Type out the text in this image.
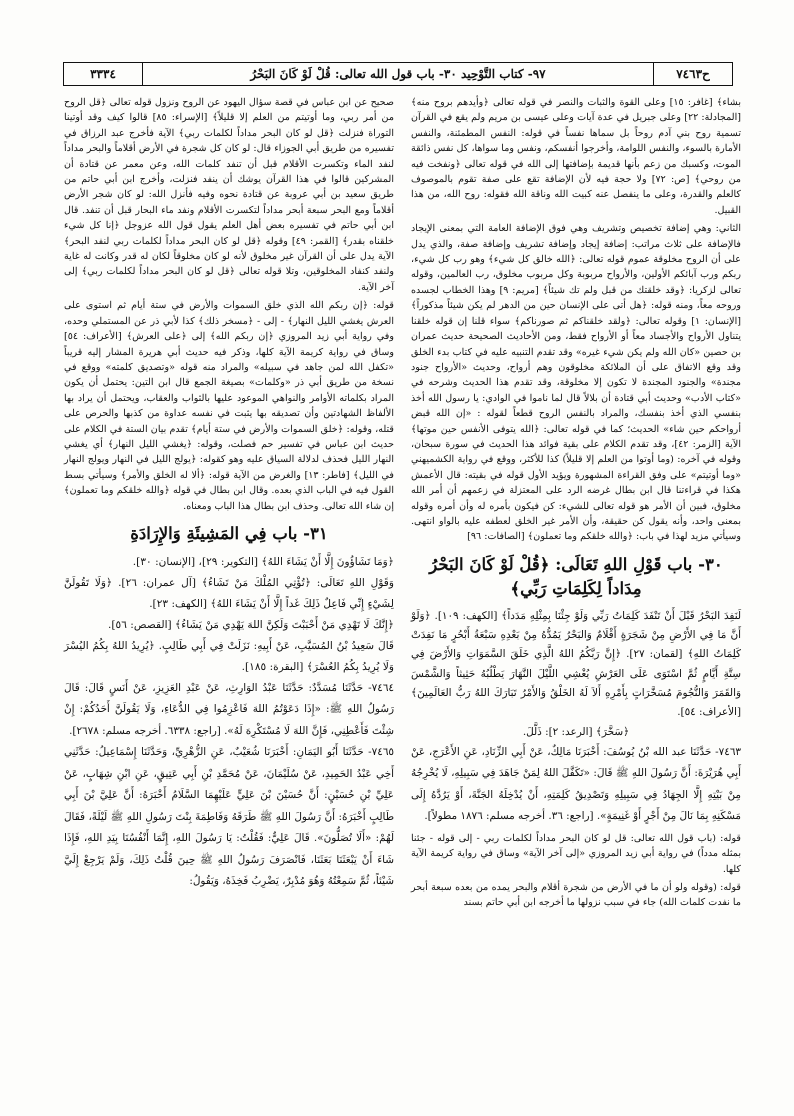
ح٧٤٦٣
٩٧- كتاب التَّوْحِيد ٣٠- باب قول الله تعالى: قُلْ لَوْ كَانَ البَحْرُ
٣٣٣٤

بشاء﴾ [غافر: ١٥] وعلى القوة والثبات والنصر في قوله تعالى ﴿وأيدهم بروح منه﴾ [المجادلة: ٢٢] وعلى جبريل في عدة آيات وعلى عيسى بن مريم ولم يقع في القرآن تسمية روح بني آدم روحاً بل سماها نفساً في قوله: النفس المطمئنة، والنفس الأمارة بالسوء، والنفس اللوامة، وأخرجوا أنفسكم، ونفس وما سواها، كل نفس ذائقة الموت، وكسبك من زعم بأنها قديمة بإضافتها إلى الله في قوله تعالى ﴿ونفخت فيه من روحي﴾ [ص: ٧٢] ولا حجة فيه لأن الإضافة تقع على صفة تقوم بالموصوف كالعلم والقدرة، وعلى ما ينفصل عنه كبيت الله وناقة الله فقوله: روح الله، من هذا القبيل.

الثاني: وهي إضافة تخصيص وتشريف وهي فوق الإضافة العامة التي بمعنى الإيجاد فالإضافة على ثلاث مراتب: إضافة إيجاد وإضافة تشريف وإضافة صفة، والذي يدل على أن الروح مخلوقة عموم قوله تعالى: ﴿الله خالق كل شيء﴾ وهو رب كل شيء، ربكم ورب آبائكم الأولين، والأرواح مربوبة وكل مربوب مخلوق، رب العالمين، وقوله تعالى لزكريا: ﴿وقد خلقتك من قبل ولم تك شيئاً﴾ [مريم: ٩] وهذا الخطاب لجسده وروحه معاً، ومنه قوله: ﴿هل أتى على الإنسان حين من الدهر لم يكن شيئاً مذكوراً﴾ [الإنسان: ١] وقوله تعالى: ﴿ولقد خلقناكم ثم صورناكم﴾ سواء قلنا إن قوله خلقنا يتناول الأرواح والأجساد معاً أو الأرواح فقط، ومن الأحاديث الصحيحة حديث عمران بن حصين «كان الله ولم يكن شيء غيره» وقد تقدم التنبيه عليه في كتاب بدء الخلق وقد وقع الاتفاق على أن الملائكة مخلوقون وهم أرواح، وحديث «الأرواح جنود مجندة» والجنود المجندة لا تكون إلا مخلوقة، وقد تقدم هذا الحديث وشرحه في «كتاب الأدب» وحديث أبي قتادة أن بلالاً قال لما ناموا في الوادي: يا رسول الله أخذ بنفسي الذي أخذ بنفسك، والمراد بالنفس الروح قطعاً لقوله : «إن الله قبض أرواحكم حين شاء» الحديث؛ كما في قوله تعالى: ﴿الله يتوفى الأنفس حين موتها﴾ الآية [الزمر: ٤٢]، وقد تقدم الكلام على بقية فوائد هذا الحديث في سورة سبحان، وقوله في آخره: (وما أوتوا من العلم إلا قليلاً) كذا للأكثر، ووقع في رواية الكشميهني «وما أوتيتم» على وفق القراءة المشهورة ويؤيد الأول قوله في بقيته: قال الأعمش هكذا في قراءتنا قال ابن بطال غرضه الرد على المعتزلة في زعمهم أن أمر الله مخلوق، فبين أن الأمر هو قوله تعالى للشيء: كن فيكون بأمره له وأن أمره وقوله بمعنى واحد، وأنه يقول كن حقيقة، وأن الأمر غير الخلق لعطفه عليه بالواو انتهى. وسيأتي مزيد لهذا في باب: ﴿والله خلقكم وما تعملون﴾ [الصافات: ٩٦]

٣٠- باب قَوْلِ اللهِ تَعَالَى: ﴿قُلْ لَوْ كَانَ البَحْرُ مِدَاداً لِكَلِمَاتِ رَبِّي﴾

لَنَفِدَ البَحْرُ قَبْلَ أَنْ تَنْفَدَ كَلِمَاتُ رَبِّي وَلَوْ جِئْنَا بِمِثْلِهِ مَدَداً﴾ [الكهف: ١٠٩]. ﴿وَلَوْ أَنَّ مَا فِي الأَرْضِ مِنْ شَجَرَةٍ أَقْلَامٌ وَالبَحْرُ يَمُدُّهُ مِنْ بَعْدِهِ سَبْعَةُ أَبْحُرٍ مَا نَفِدَتْ كَلِمَاتُ اللهِ﴾ [لقمان: ٢٧]. ﴿إِنَّ رَبَّكُمُ اللهُ الَّذِي خَلَقَ السَّمَوَاتِ وَالأَرْضَ فِي سِتَّةِ أَيَّامٍ ثُمَّ اسْتَوَى عَلَى العَرْشِ يُغْشِي اللَّيْلَ النَّهَارَ يَطْلُبُهُ حَثِيثاً وَالشَّمْسَ وَالقَمَرَ وَالنُّجُومَ مُسَخَّرَاتٍ بِأَمْرِهِ أَلاَ لَهُ الخَلْقُ وَالأَمْرُ تَبَارَكَ اللهُ رَبُّ العَالَمِينَ﴾ [الأعراف: ٥٤].

﴿سَخَّرَ﴾ [الرعد: ٢]: ذَلَّلَ.

٧٤٦٣- حَدَّثَنَا عبد الله بْنُ يُوسُفَ: أَخْبَرَنَا مَالِكٌ، عَنْ أَبِي الزِّنَادِ، عَنِ الأَعْرَجِ، عَنْ أَبِي هُرَيْرَةَ: أَنَّ رَسُولَ اللهِ ﷺ قَالَ: «تَكَفَّلَ اللهُ لِمَنْ جَاهَدَ فِي سَبِيلِهِ، لَا يُخْرِجُهُ مِنْ بَيْتِهِ إِلَّا الجِهَادُ فِي سَبِيلِهِ وَتَصْدِيقُ كَلِمَتِهِ، أَنْ يُدْخِلَهُ الجَنَّةَ، أَوْ يَرُدَّهُ إِلَى مَسْكَنِهِ بِمَا نَالَ مِنْ أَجْرٍ أَوْ غَنِيمَةٍ». [راجع: ٣٦. أخرجه مسلم: ١٨٧٦ مطولاً].

قوله: (باب قول الله تعالى: قل لو كان البحر مداداً لكلمات ربي - إلى قوله - جئنا بمثله مدداً) في رواية أبي زيد المروزي «إلى آخر الآية» وساق في رواية كريمة الآية كلها.

قوله: (وقوله ولو أن ما في الأرض من شجرة أقلام والبحر يمده من بعده سبعة أبحر ما نفدت كلمات الله) جاء في سبب نزولها ما أخرجه ابن أبي حاتم بسند

صحيح عن ابن عباس في قصة سؤال اليهود عن الروح ونزول قوله تعالى ﴿قل الروح من أمر ربي، وما أوتيتم من العلم إلا قليلاً﴾ [الإسراء: ٨٥] قالوا كيف وقد أوتينا التوراة فنزلت ﴿قل لو كان البحر مداداً لكلمات ربي﴾ الآية فأخرج عبد الرزاق في تفسيره من طريق أبي الجوزاء قال: لو كان كل شجرة في الأرض أقلاماً والبحر مداداً لنفد الماء وتكسرت الأقلام قبل أن تنفد كلمات الله، وعن معمر عن قتادة أن المشركين قالوا في هذا القرآن يوشك أن ينفد فنزلت، وأخرج ابن أبي حاتم من طريق سعيد بن أبي عروبة عن قتادة نحوه وفيه فأنزل الله: لو كان شجر الأرض أقلاماً ومع البحر سبعة أبحر مداداً لتكسرت الأقلام ونفد ماء البحار قبل أن تنفد. قال ابن أبي حاتم في تفسيره بعض أهل العلم يقول قول الله عزوجل ﴿إنا كل شيء خلقناه بقدر﴾ [القمر: ٤٩] وقوله ﴿قل لو كان البحر مداداً لكلمات ربي لنفد البحر﴾ الآية يدل على أن القرآن غير مخلوق لأنه لو كان مخلوقاً لكان له قدر وكانت له غاية ولنفد كنفاد المخلوقين، وتلا قوله تعالى ﴿قل لو كان البحر مداداً لكلمات ربي﴾ إلى آخر الآية.

قوله: ﴿إن ربكم الله الذي خلق السموات والأرض في ستة أيام ثم استوى على العرش يغشي الليل النهار﴾ - إلى - ﴿مسخر ذلك﴾ كذا لأبي ذر عن المستملي وحده، وفي رواية أبي زيد المروزي ﴿إن ربكم الله﴾ إلى ﴿على العرش﴾ [الأعراف: ٥٤] وساق في رواية كريمة الآية كلها، وذكر فيه حديث أبي هريرة المشار إليه قريباً «تكفل الله لمن جاهد في سبيله» والمراد منه قوله «وتصديق كلمته» ووقع في نسخة من طريق أبي ذر «وكلمات» بصيغة الجمع قال ابن التين: يحتمل أن يكون المراد بكلماته الأوامر والنواهي الموعود عليها بالثواب والعقاب، ويحتمل أن يراد بها الألفاظ الشهادتين وأن تصديقه بها يثبت في نفسه عداوة من كذبها والحرص على قتله، وقوله: ﴿خلق السموات والأرض في ستة أيام﴾ تقدم بيان الستة في الكلام على حديث ابن عباس في تفسير حم فصلت، وقوله: ﴿يغشي الليل النهار﴾ أي يغشي النهار الليل فحذف لدلالة السياق عليه وهو كقوله: ﴿يولج الليل في النهار ويولج النهار في الليل﴾ [فاطر: ١٣] والغرض من الآية قوله: ﴿ألا له الخلق والأمر﴾ وسيأتي بسط القول فيه في الباب الذي بعده. وقال ابن بطال في قوله ﴿والله خلقكم وما تعملون﴾ إن شاء الله تعالى. وحذف ابن بطال هذا الباب ومعناه.

٣١- باب فِي المَشِيئَةِ وَالإِرَادَةِ

﴿وَمَا تَشَاؤُونَ إِلَّا أَنْ يَشَاءَ اللهُ﴾ [التكوير: ٢٩]، [الإنسان: ٣٠].

وَقَوْلِ اللهِ تَعَالَى: ﴿تُؤْتِي المُلْكَ مَنْ تَشَاءُ﴾ [آل عمران: ٢٦]. ﴿وَلَا تَقُولَنَّ لِشَيْءٍ إِنِّي فَاعِلٌ ذَلِكَ غَداً إِلَّا أَنْ يَشَاءَ اللهُ﴾ [الكهف: ٢٣].

﴿إِنَّكَ لَا تَهْدِي مَنْ أَحْبَبْتَ وَلَكِنَّ اللهَ يَهْدِي مَنْ يَشَاءُ﴾ [القصص: ٥٦].

قَالَ سَعِيدُ بْنُ المُسَيَّبِ، عَنْ أَبِيهِ: نَزَلَتْ فِي أَبِي طَالِبٍ. ﴿يُرِيدُ اللهُ بِكُمُ اليُسْرَ وَلَا يُرِيدُ بِكُمُ العُسْرَ﴾ [البقرة: ١٨٥].

٧٤٦٤- حَدَّثَنَا مُسَدَّدٌ: حَدَّثَنَا عَبْدُ الوَارِثِ، عَنْ عَبْدِ العَزِيزِ، عَنْ أَنَسٍ قَالَ: قَالَ رَسُولُ اللهِ ﷺ: «إِذَا دَعَوْتُمُ اللهَ فَاعْزِمُوا فِي الدُّعَاءِ، وَلَا يَقُولَنَّ أَحَدُكُمْ: إِنْ شِئْتَ فَأَعْطِنِي، فَإِنَّ اللهَ لَا مُسْتَكْرِهَ لَهُ». [راجع: ٦٣٣٨. أخرجه مسلم: ٢٦٧٨].

٧٤٦٥- حَدَّثَنَا أَبُو اليَمَانِ: أَخْبَرَنَا شُعَيْبٌ، عَنِ الزُّهْرِيِّ، وَحَدَّثَنَا إِسْمَاعِيلُ: حَدَّثَنِي أَخِي عَبْدُ الحَمِيدِ، عَنْ سُلَيْمَانَ، عَنْ مُحَمَّدِ بْنِ أَبِي عَتِيقٍ، عَنِ ابْنِ شِهَابٍ، عَنْ عَلِيِّ بْنِ حُسَيْنٍ: أَنَّ حُسَيْنَ بْنَ عَلِيٍّ عَلَيْهِمَا السَّلَامُ أَخْبَرَهُ: أَنَّ عَلِيَّ بْنَ أَبِي طَالِبٍ أَخْبَرَهُ: أَنَّ رَسُولَ اللهِ ﷺ طَرَقَهُ وَفَاطِمَةَ بِنْتَ رَسُولِ اللهِ ﷺ لَيْلَةً، فَقَالَ لَهُمْ: «أَلَا تُصَلُّونَ». قَالَ عَلِيٌّ: فَقُلْتُ: يَا رَسُولَ اللهِ، إِنَّمَا أَنْفُسُنَا بِيَدِ اللهِ، فَإِذَا شَاءَ أَنْ يَبْعَثَنَا بَعَثَنَا، فَانْصَرَفَ رَسُولُ اللهِ ﷺ حِينَ قُلْتُ ذَلِكَ، وَلَمْ يَرْجِعْ إِلَيَّ شَيْئاً، ثُمَّ سَمِعْتُهُ وَهُوَ مُدْبِرٌ، يَضْرِبُ فَخِذَهُ، وَيَقُولُ:
